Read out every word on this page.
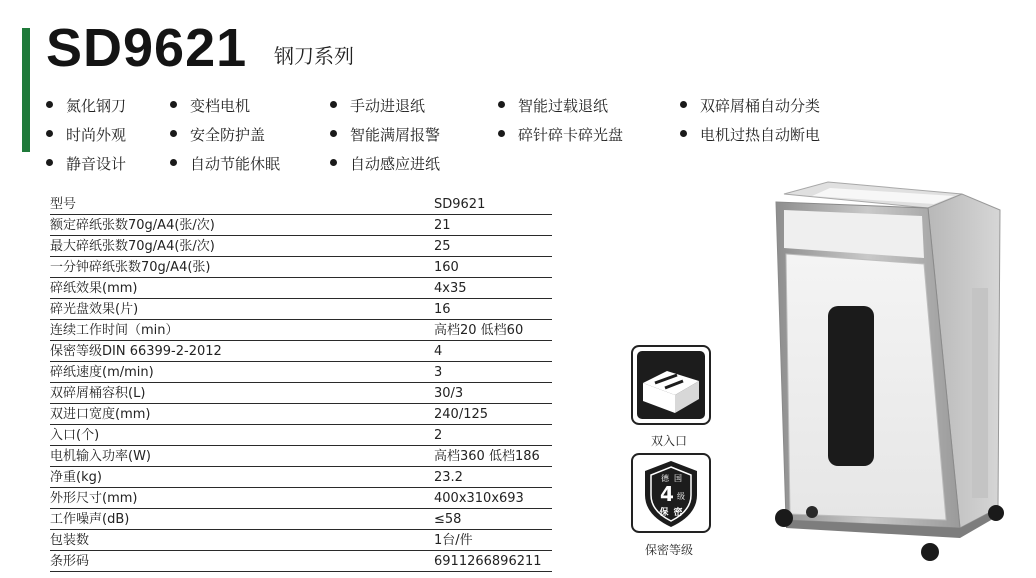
SD9621 钢刀系列
氮化钢刀	变档电机	手动进退纸	智能过载退纸	双碎屑桶自动分类
时尚外观	安全防护盖	智能满屑报警	碎针碎卡碎光盘	电机过热自动断电
静音设计	自动节能休眠	自动感应进纸
型号	SD9621
额定碎纸张数70g/A4(张/次)	21
最大碎纸张数70g/A4(张/次)	25
一分钟碎纸张数70g/A4(张)	160
碎纸效果(mm)	4x35
碎光盘效果(片)	16
连续工作时间（min）	高档20 低档60
保密等级DIN 66399-2-2012	4
碎纸速度(m/min)	3
双碎屑桶容积(L)	30/3
双进口宽度(mm)	240/125
入口(个)	2
电机输入功率(W)	高档360 低档186
净重(kg)	23.2
外形尺寸(mm)	400x310x693
工作噪声(dB)	≤58
包装数	1台/件
条形码	6911266896211
双入口
德 国
4 级
保 密
保密等级
